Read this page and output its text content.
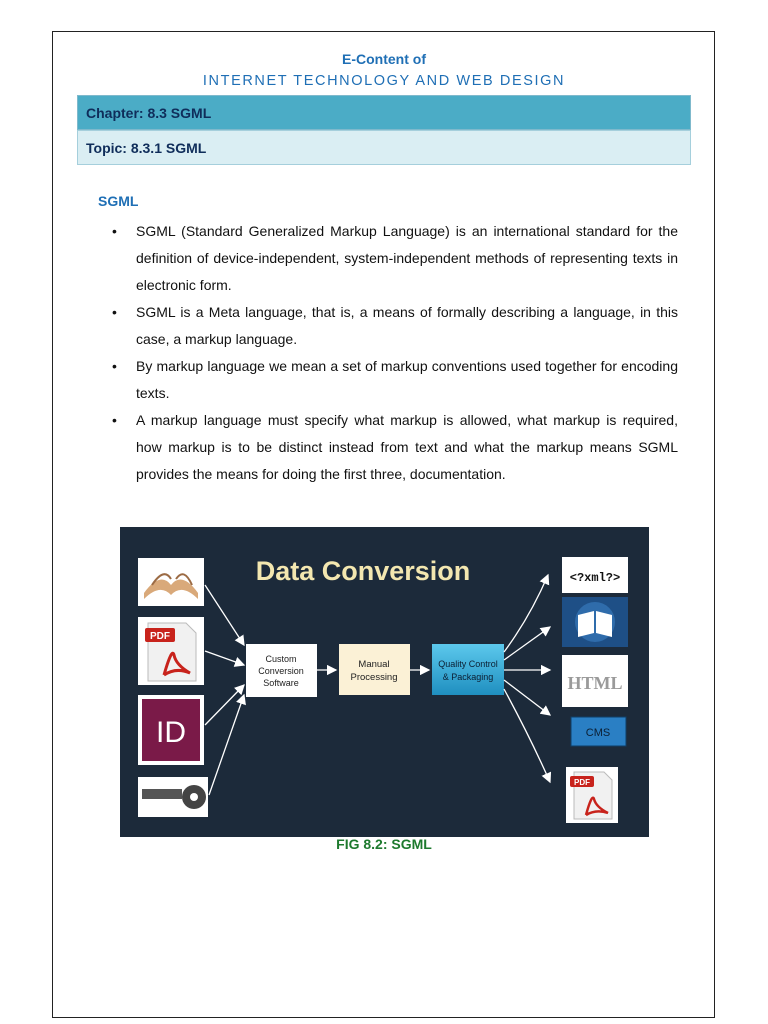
E-Content of
INTERNET TECHNOLOGY AND WEB DESIGN
Chapter: 8.3 SGML
Topic: 8.3.1 SGML
SGML
• SGML (Standard Generalized Markup Language) is an international standard for the definition of device-independent, system-independent methods of representing texts in electronic form.
• SGML is a Meta language, that is, a means of formally describing a language, in this case, a markup language.
• By markup language we mean a set of markup conventions used together for encoding texts.
• A markup language must specify what markup is allowed, what markup is required, how markup is to be distinct instead from text and what the markup means SGML provides the means for doing the first three, documentation.
Data Conversion
PDF
ID
Custom
Conversion
Software
Manual
Processing
Quality Control
& Packaging
<?xml?>
HTML
CMS
PDF
FIG 8.2: SGML
